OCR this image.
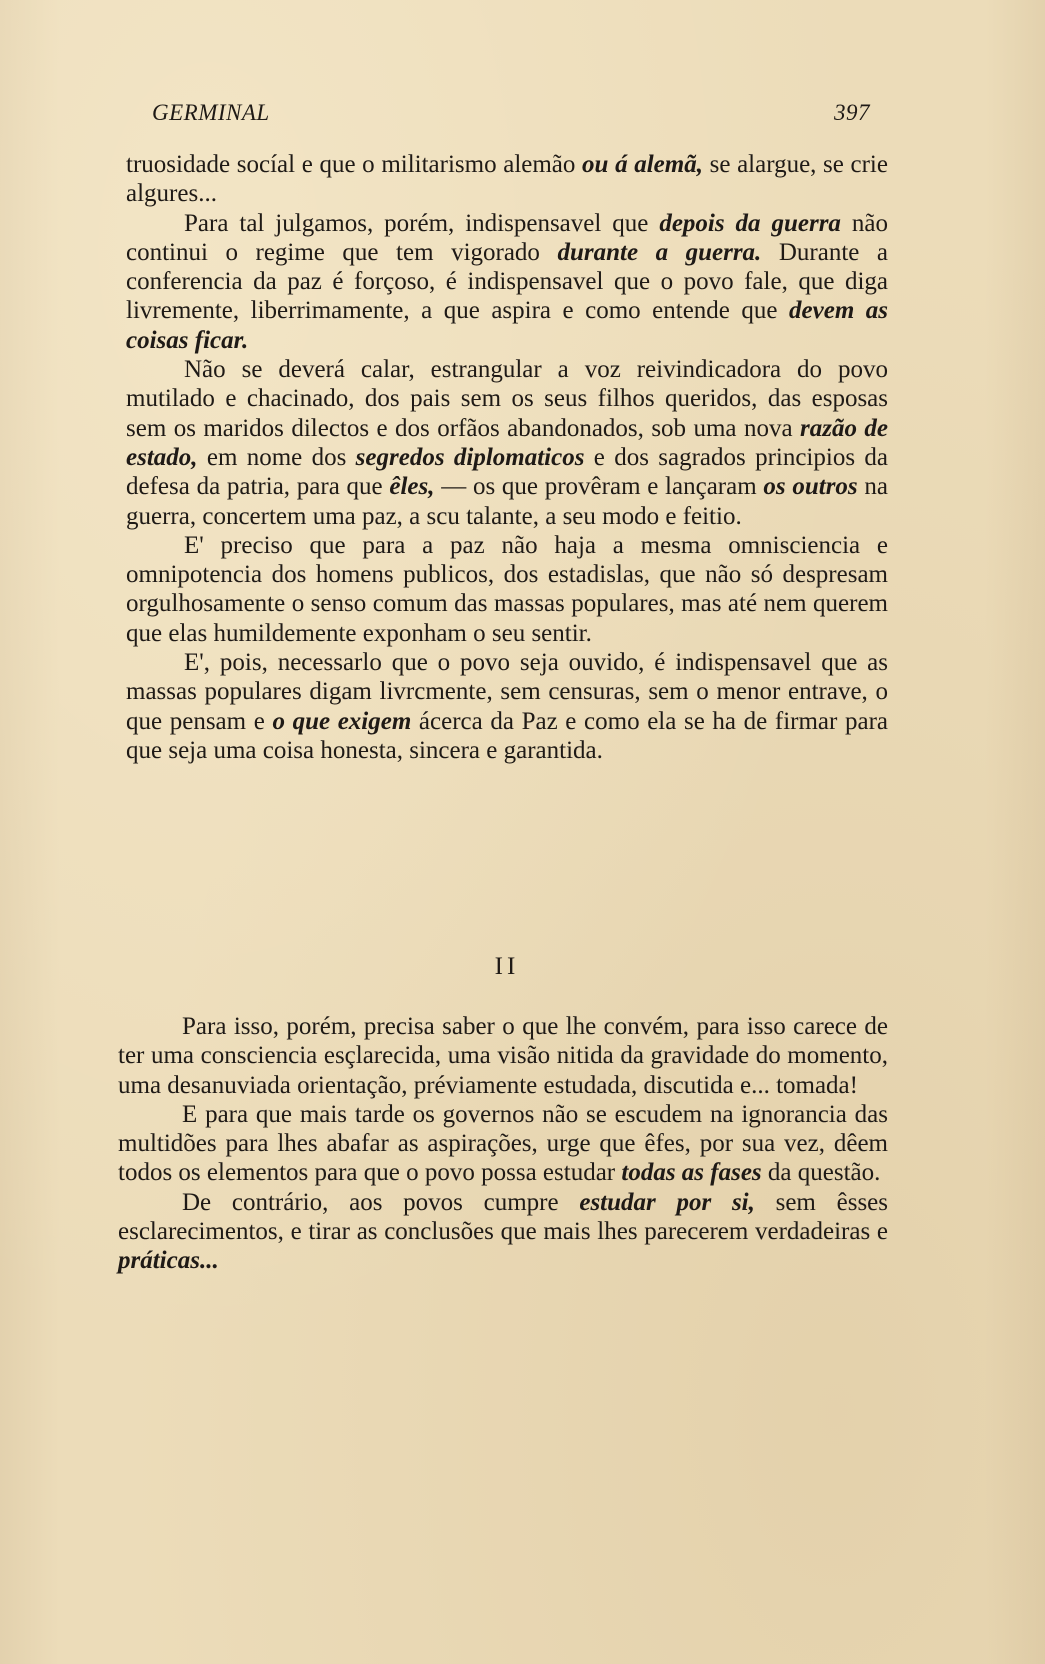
GERMINAL	397

truosidade socíal e que o militarismo alemão ou á alemã, se alargue, se crie algures...

Para tal julgamos, porém, indispensavel que depois da guerra não continui o regime que tem vigorado durante a guerra. Durante a conferencia da paz é forçoso, é indispensavel que o povo fale, que diga livremente, liberrimamente, a que aspira e como entende que devem as coisas ficar.

Não se deverá calar, estrangular a voz reivindicadora do povo mutilado e chacinado, dos pais sem os seus filhos queridos, das esposas sem os maridos dilectos e dos orfãos abandonados, sob uma nova razão de estado, em nome dos segredos diplomaticos e dos sagrados principios da defesa da patria, para que êles, — os que provêram e lançaram os outros na guerra, concertem uma paz, a scu talante, a seu modo e feitio.

E' preciso que para a paz não haja a mesma omnisciencia e omnipotencia dos homens publicos, dos estadislas, que não só despresam orgulhosamente o senso comum das massas populares, mas até nem querem que elas humildemente exponham o seu sentir.

E', pois, necessarlo que o povo seja ouvido, é indispensavel que as massas populares digam livrcmente, sem censuras, sem o menor entrave, o que pensam e o que exigem ácerca da Paz e como ela se ha de firmar para que seja uma coisa honesta, sincera e garantida.

II

Para isso, porém, precisa saber o que lhe convém, para isso carece de ter uma consciencia esçlarecida, uma visão nitida da gravidade do momento, uma desanuviada orientação, préviamente estudada, discutida e... tomada!

E para que mais tarde os governos não se escudem na ignorancia das multidões para lhes abafar as aspirações, urge que êfes, por sua vez, dêem todos os elementos para que o povo possa estudar todas as fases da questão.

De contrário, aos povos cumpre estudar por si, sem êsses esclarecimentos, e tirar as conclusões que mais lhes parecerem verdadeiras e práticas...
